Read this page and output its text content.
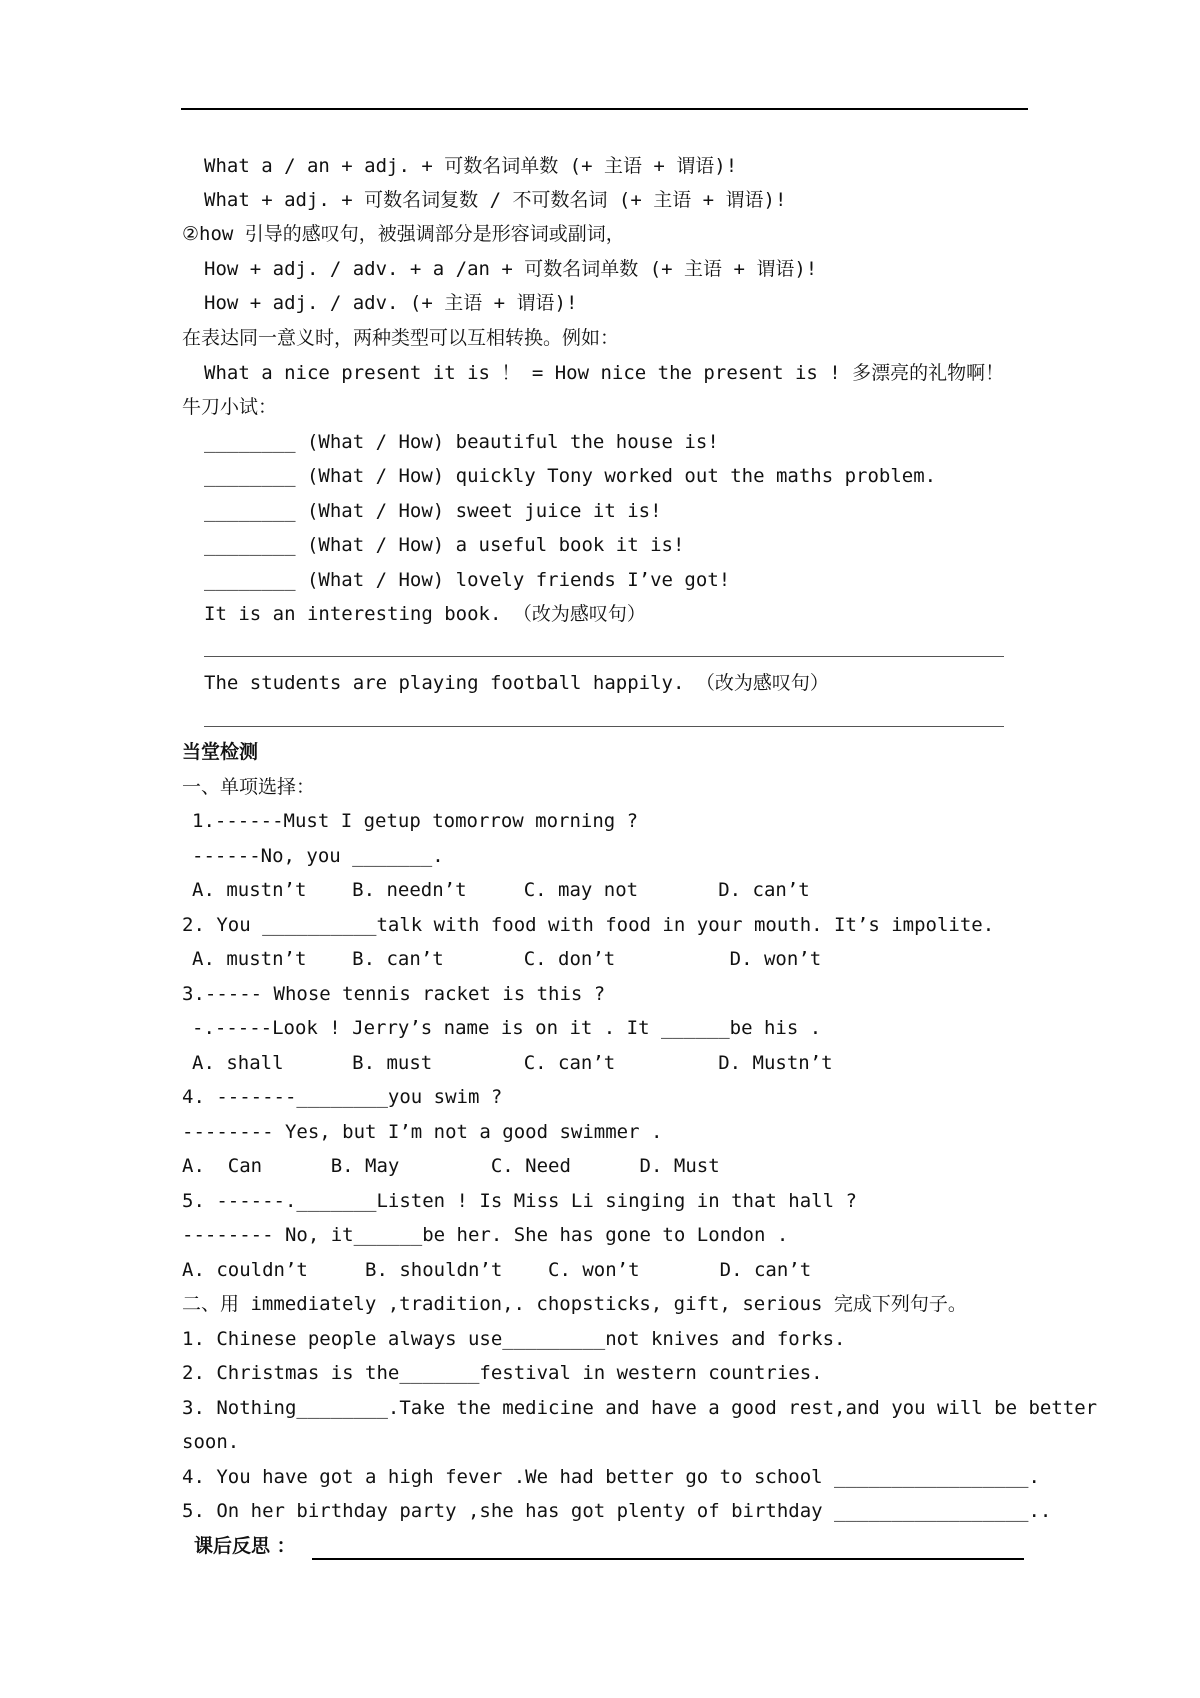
What a / an + adj. + 可数名词单数 (+ 主语 + 谓语)!
What + adj. + 可数名词复数 / 不可数名词 (+ 主语 + 谓语)!
②how 引导的感叹句，被强调部分是形容词或副词，
How + adj. / adv. + a /an + 可数名词单数 (+ 主语 + 谓语)!
How + adj. / adv. (+ 主语 + 谓语)!
在表达同一意义时，两种类型可以互相转换。例如：
What a nice present it is ！ = How nice the present is ! 多漂亮的礼物啊！
牛刀小试：
________ (What / How) beautiful the house is!
________ (What / How) quickly Tony worked out the maths problem.
________ (What / How) sweet juice it is!
________ (What / How) a useful book it is!
________ (What / How) lovely friends I’ve got!
It is an interesting book. （改为感叹句）
The students are playing football happily. （改为感叹句）
当堂检测
一、单项选择：
1.------Must I getup tomorrow morning ?
------No, you _______.
A. mustn’t    B. needn’t     C. may not       D. can’t
2. You __________talk with food with food in your mouth. It’s impolite.
A. mustn’t    B. can’t       C. don’t          D. won’t
3.----- Whose tennis racket is this ?
-.-----Look ! Jerry’s name is on it . It ______be his .
A. shall      B. must        C. can’t         D. Mustn’t
4. -------________you swim ?
-------- Yes, but I’m not a good swimmer .
A.  Can      B. May        C. Need      D. Must
5. ------._______Listen ! Is Miss Li singing in that hall ?
-------- No, it______be her. She has gone to London .
A. couldn’t     B. shouldn’t    C. won’t       D. can’t
二、用 immediately ,tradition,. chopsticks, gift, serious 完成下列句子。
1. Chinese people always use_________not knives and forks.
2. Christmas is the_______festival in western countries.
3. Nothing________.Take the medicine and have a good rest,and you will be better
soon.
4. You have got a high fever .We had better go to school _________________.
5. On her birthday party ,she has got plenty of birthday _________________..
课后反思 ：
